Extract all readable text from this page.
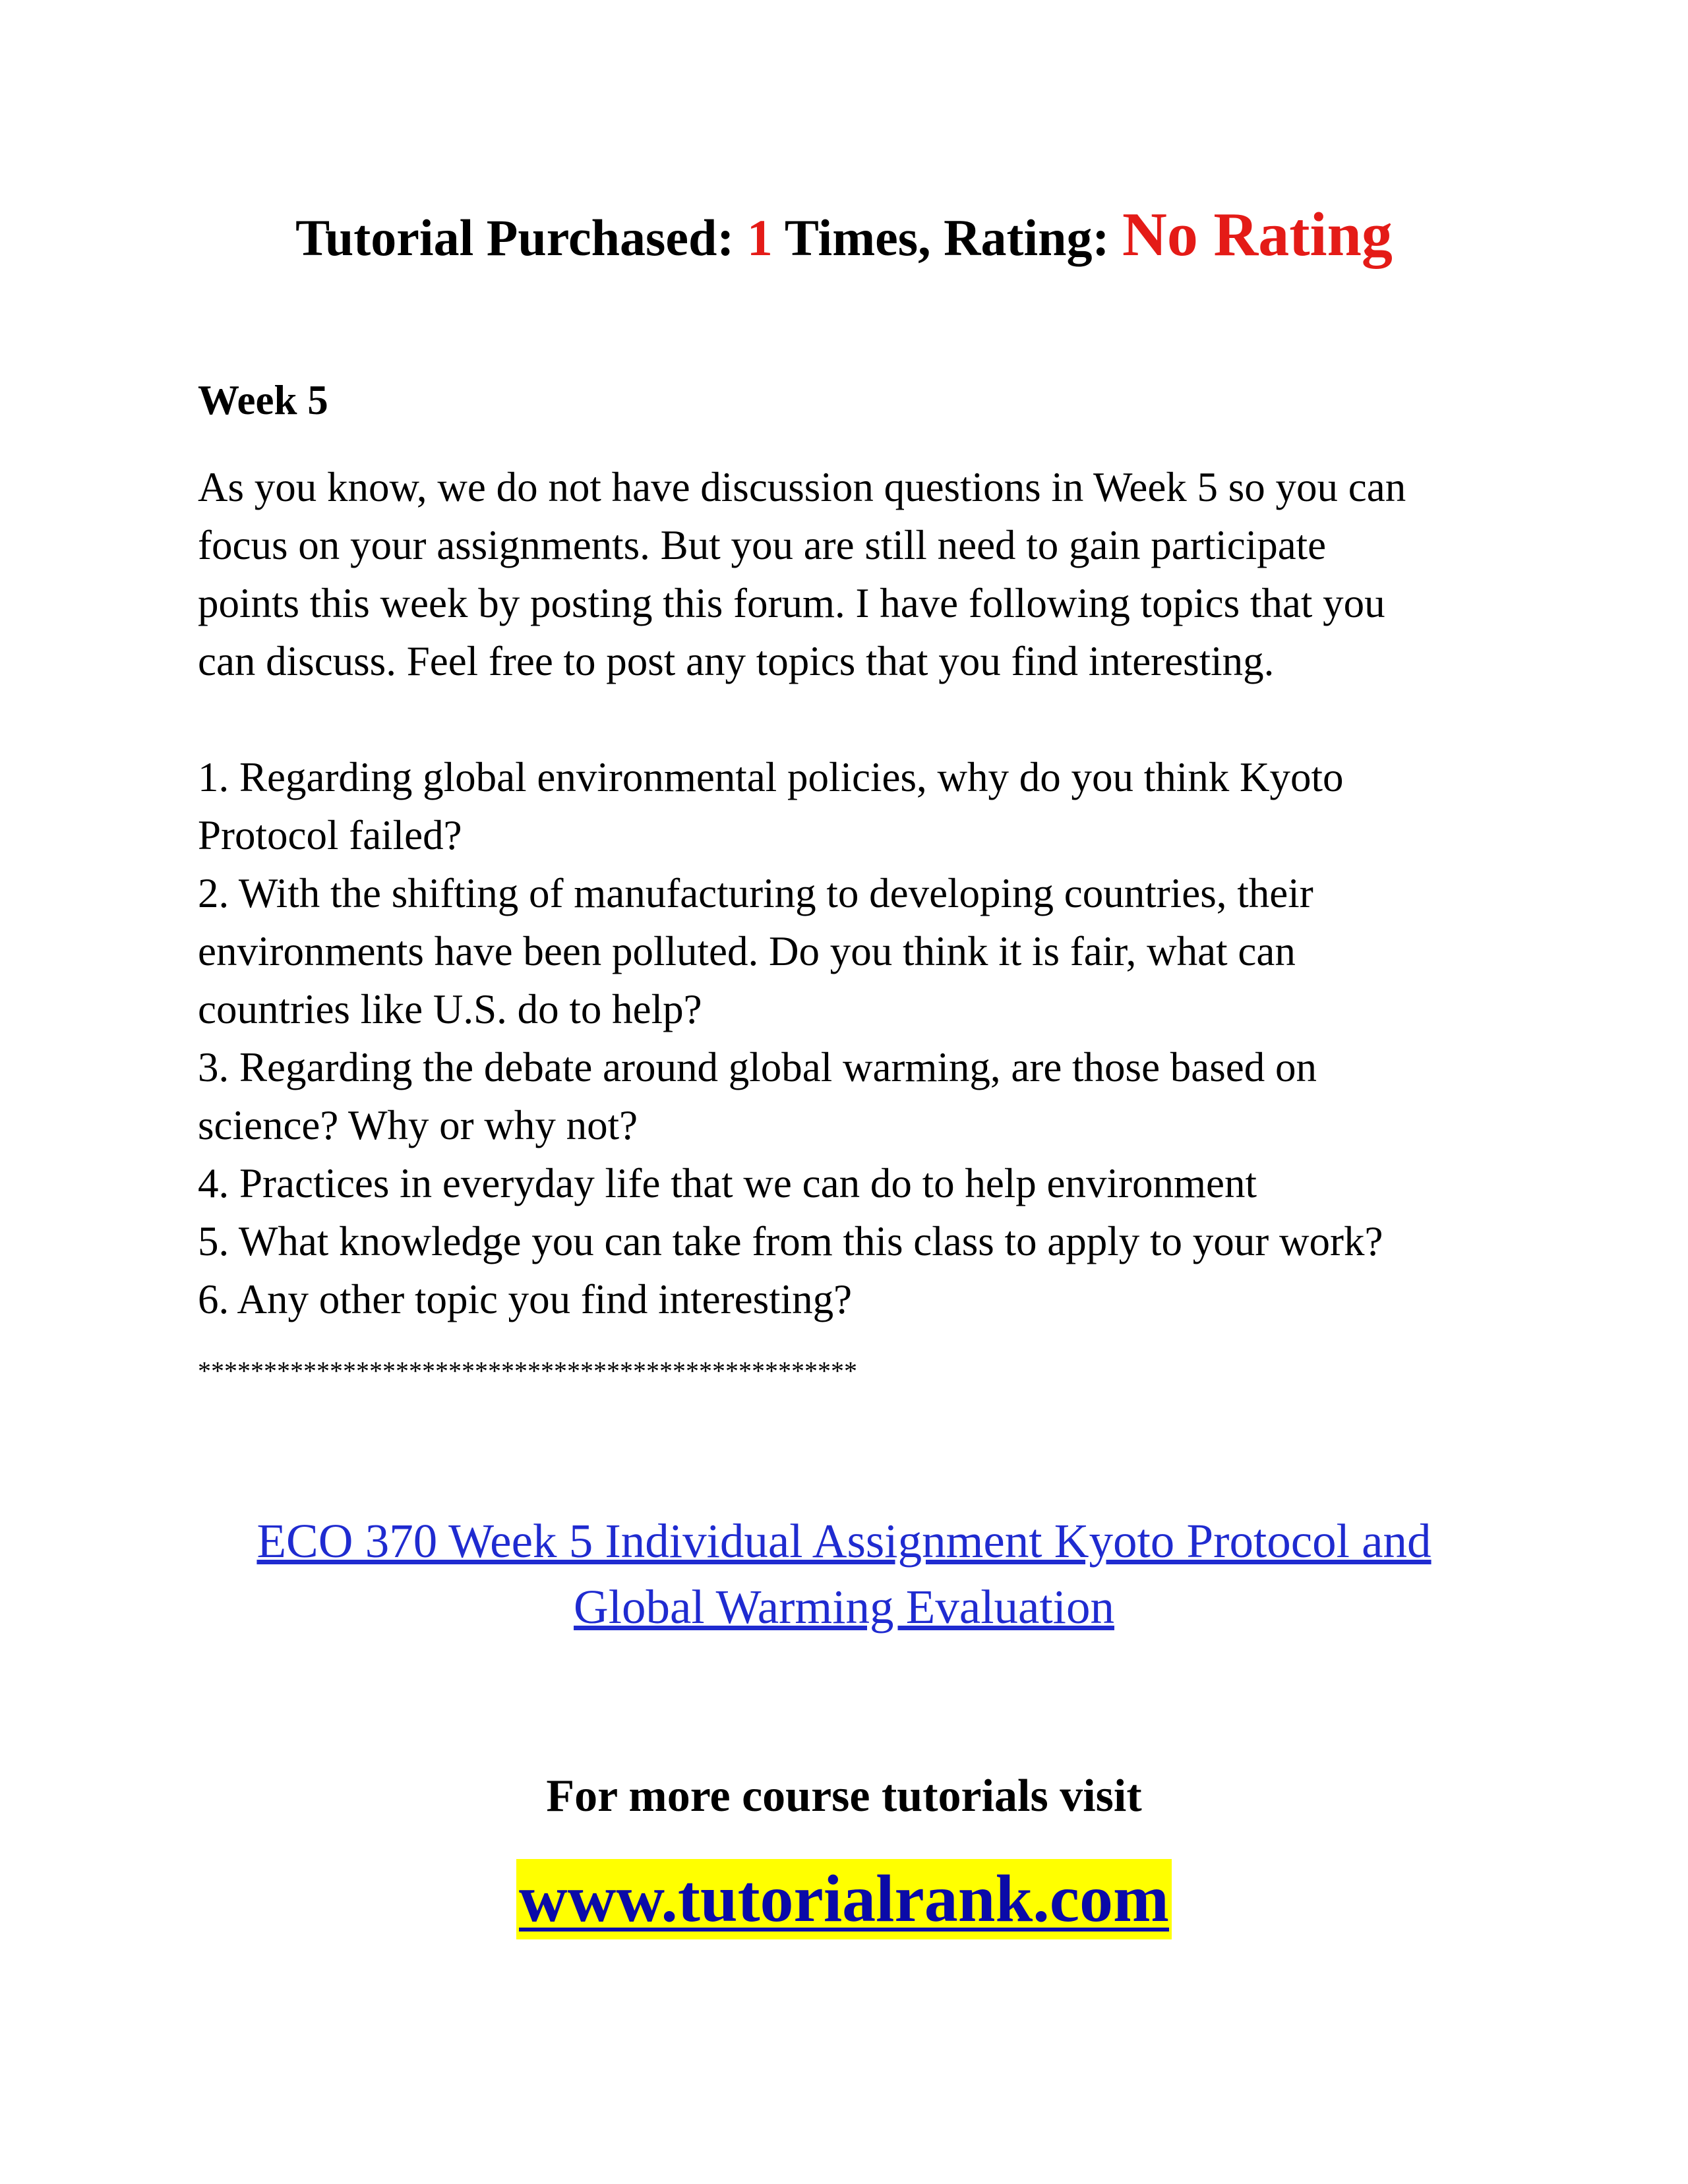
Tutorial Purchased: 1 Times, Rating: No Rating
Week 5
As you know, we do not have discussion questions in Week 5 so you can
focus on your assignments. But you are still need to gain participate
points this week by posting this forum. I have following topics that you
can discuss. Feel free to post any topics that you find interesting.
1. Regarding global environmental policies, why do you think Kyoto
Protocol failed?
2. With the shifting of manufacturing to developing countries, their
environments have been polluted. Do you think it is fair, what can
countries like U.S. do to help?
3. Regarding the debate around global warming, are those based on
science? Why or why not?
4. Practices in everyday life that we can do to help environment
5. What knowledge you can take from this class to apply to your work?
6. Any other topic you find interesting?
**************************************************
ECO 370 Week 5 Individual Assignment Kyoto Protocol and
Global Warming Evaluation
For more course tutorials visit
www.tutorialrank.com
